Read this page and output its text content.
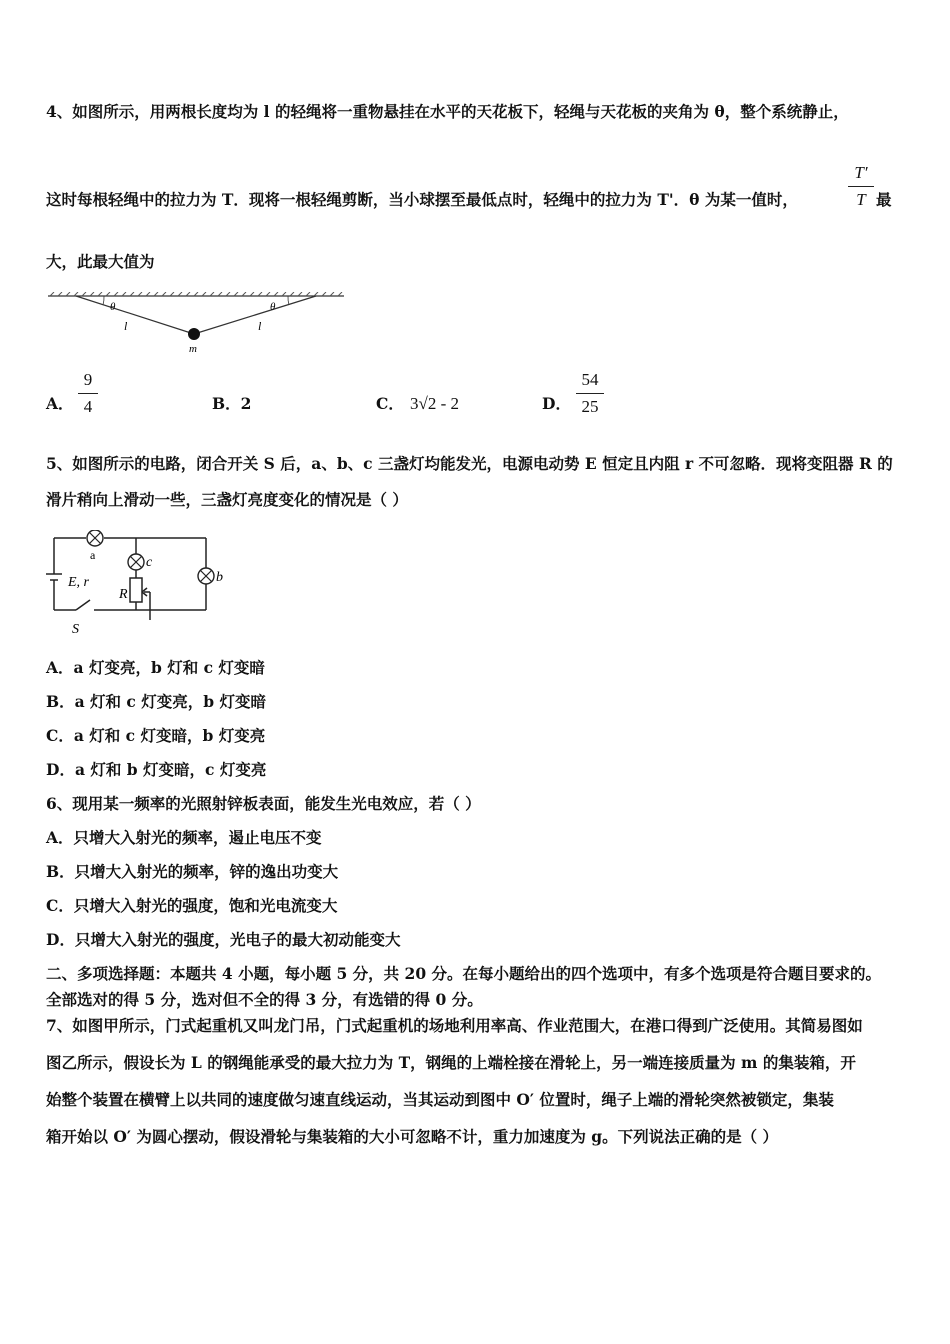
4、如图所示，用两根长度均为 l 的轻绳将一重物悬挂在水平的天花板下，轻绳与天花板的夹角为 θ，整个系统静止，
这时每根轻绳中的拉力为 T．现将一根轻绳剪断，当小球摆至最低点时，轻绳中的拉力为 T'．θ 为某一值时，
T′
T 最
大，此最大值为
θ	θ
l	l
m
A．
9
4	B．2	C． 3√2 - 2	D．
54
25
5、如图所示的电路，闭合开关 S 后，a、b、c 三盏灯均能发光，电源电动势 E 恒定且内阻 r 不可忽略．现将变阻器 R 的
滑片稍向上滑动一些，三盏灯亮度变化的情况是（ ）
a	c
b
E, r
R
S
A．a 灯变亮，b 灯和 c 灯变暗
B．a 灯和 c 灯变亮，b 灯变暗
C．a 灯和 c 灯变暗，b 灯变亮
D．a 灯和 b 灯变暗，c 灯变亮
6、现用某一频率的光照射锌板表面，能发生光电效应，若（ ）
A．只增大入射光的频率，遏止电压不变
B．只增大入射光的频率，锌的逸出功变大
C．只增大入射光的强度，饱和光电流变大
D．只增大入射光的强度，光电子的最大初动能变大
二、多项选择题：本题共 4 小题，每小题 5 分，共 20 分。在每小题给出的四个选项中，有多个选项是符合题目要求的。
全部选对的得 5 分，选对但不全的得 3 分，有选错的得 0 分。
7、如图甲所示，门式起重机又叫龙门吊，门式起重机的场地利用率高、作业范围大，在港口得到广泛使用。其简易图如
图乙所示，假设长为 L 的钢绳能承受的最大拉力为 T，钢绳的上端栓接在滑轮上，另一端连接质量为 m 的集装箱，开
始整个装置在横臂上以共同的速度做匀速直线运动，当其运动到图中 O′ 位置时，绳子上端的滑轮突然被锁定，集装
箱开始以 O′ 为圆心摆动，假设滑轮与集装箱的大小可忽略不计，重力加速度为 g。下列说法正确的是（ ）
